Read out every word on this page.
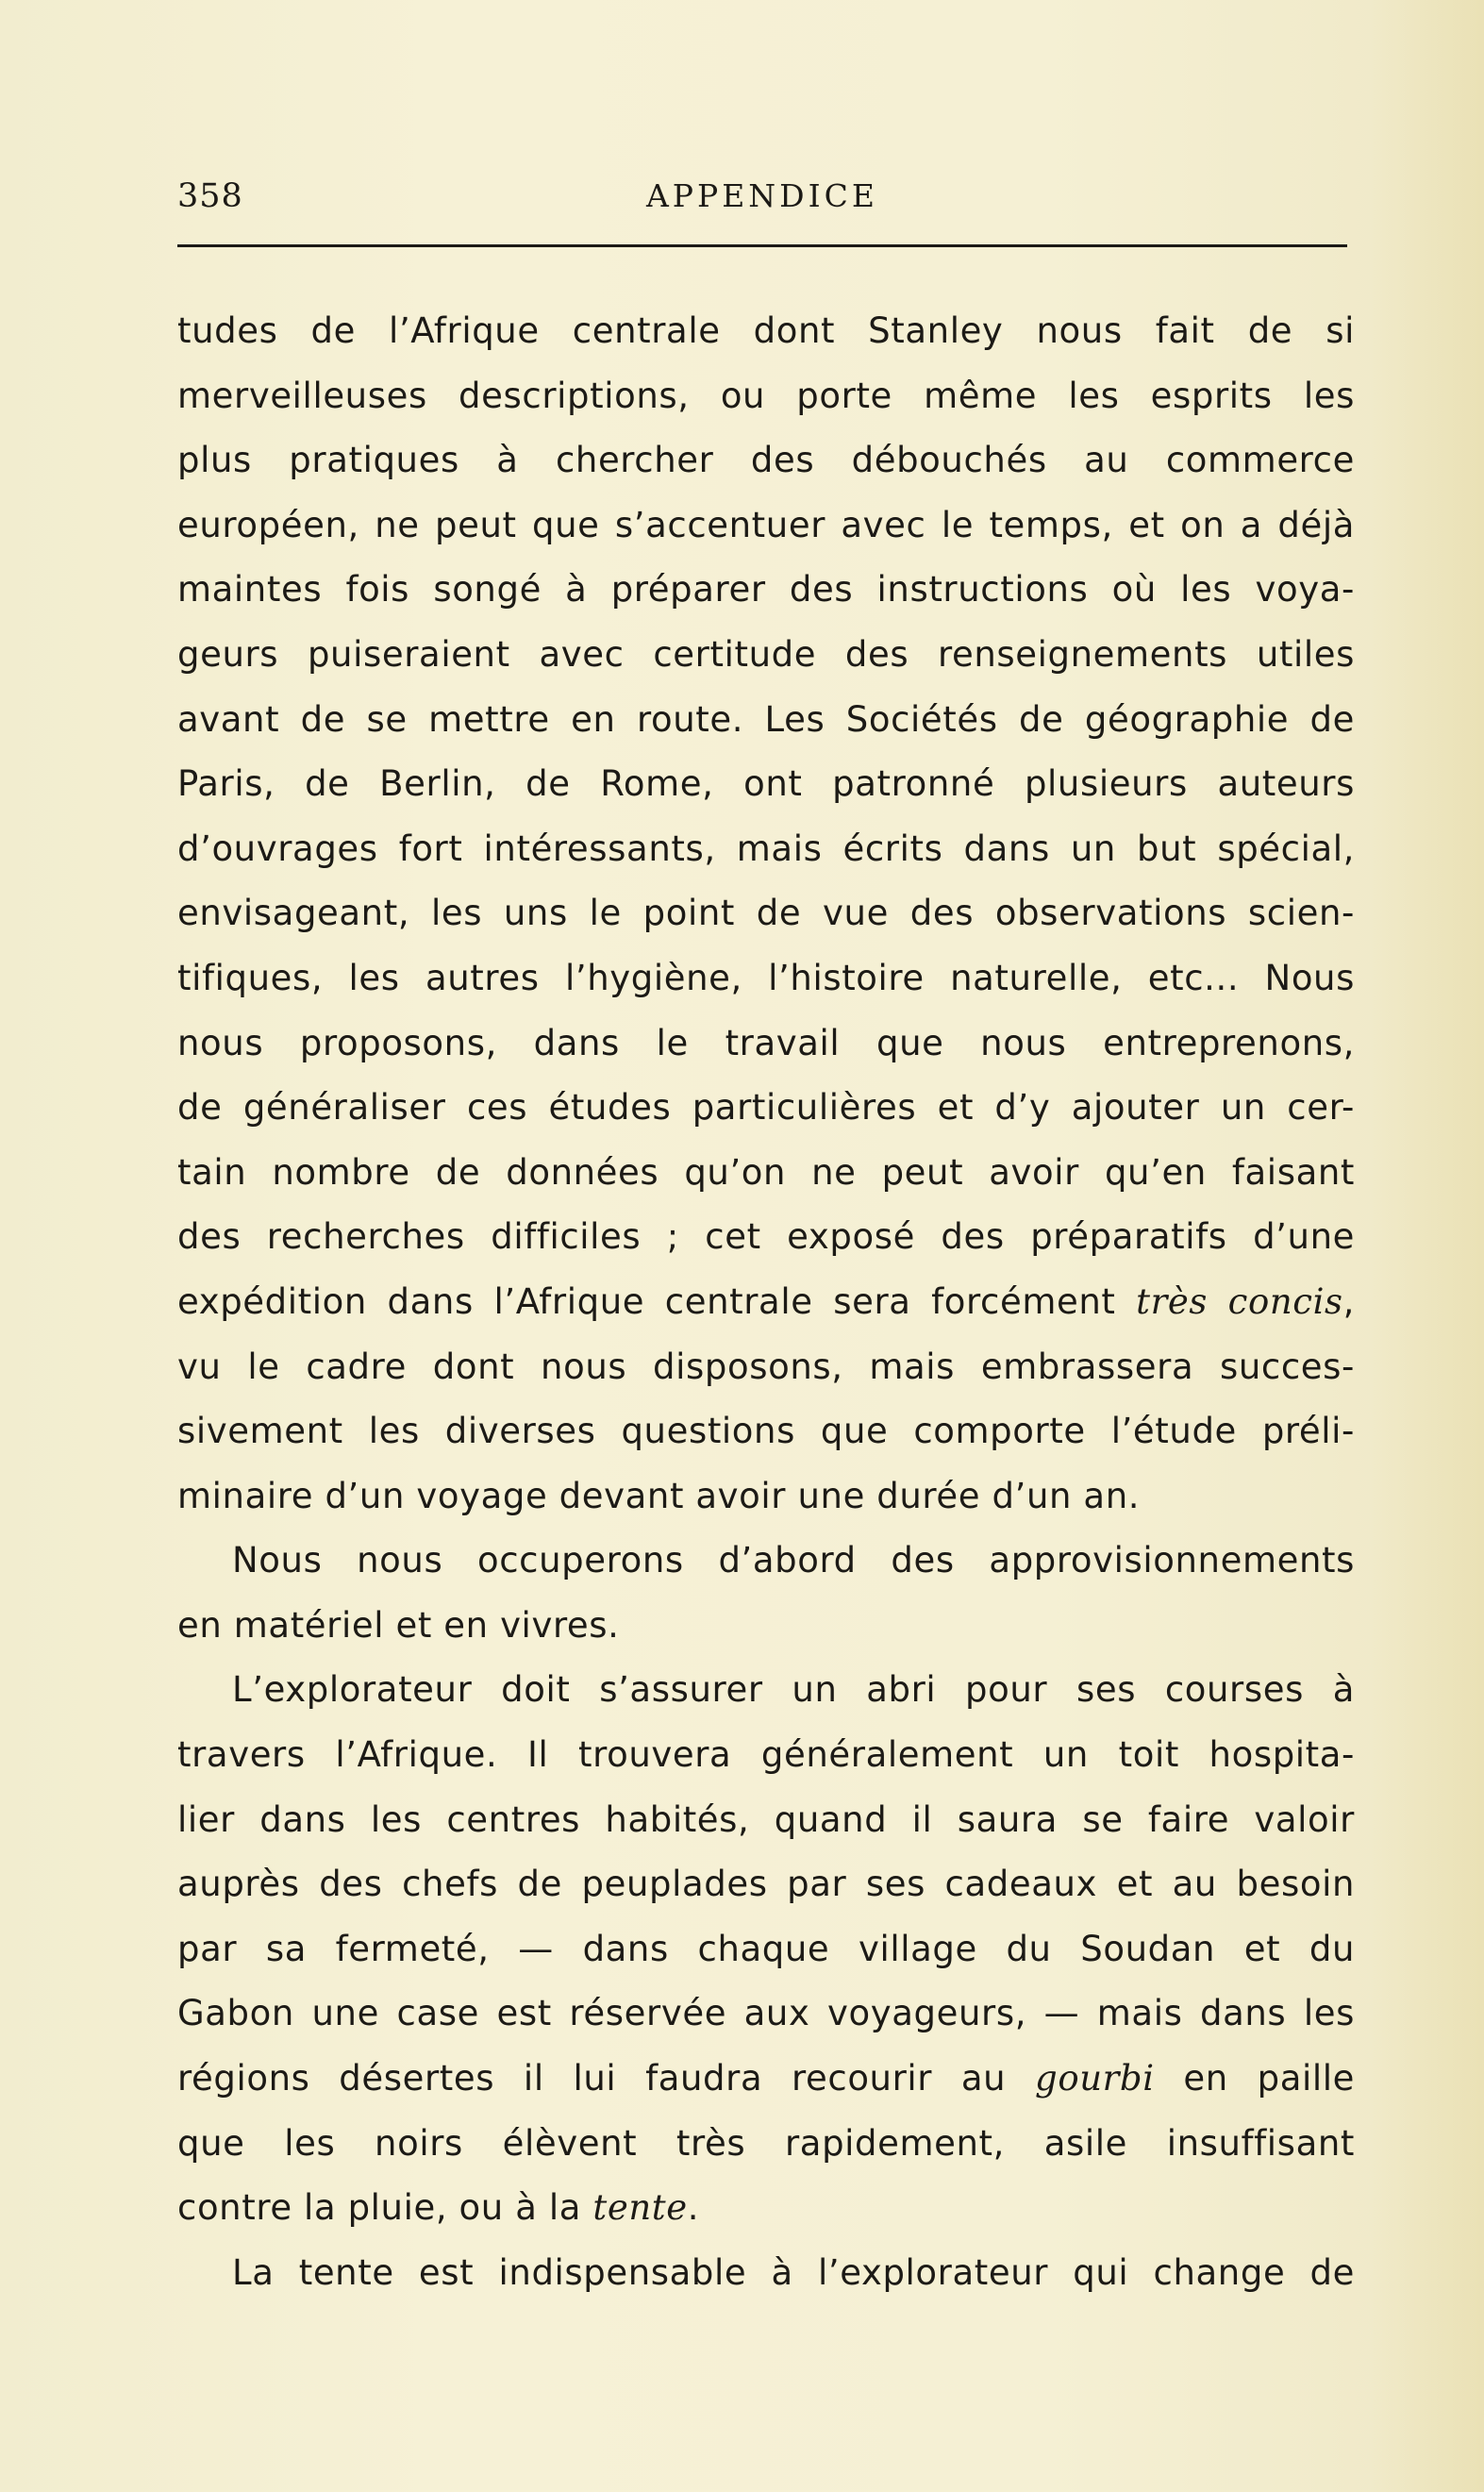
358	APPENDICE
tudes de l’Afrique centrale dont Stanley nous fait de si
merveilleuses descriptions, ou porte même les esprits les
plus pratiques à chercher des débouchés au commerce
européen, ne peut que s’accentuer avec le temps, et on a déjà
maintes fois songé à préparer des instructions où les voya-
geurs puiseraient avec certitude des renseignements utiles
avant de se mettre en route. Les Sociétés de géographie de
Paris, de Berlin, de Rome, ont patronné plusieurs auteurs
d’ouvrages fort intéressants, mais écrits dans un but spécial,
envisageant, les uns le point de vue des observations scien-
tifiques, les autres l’hygiène, l’histoire naturelle, etc... Nous
nous proposons, dans le travail que nous entreprenons,
de généraliser ces études particulières et d’y ajouter un cer-
tain nombre de données qu’on ne peut avoir qu’en faisant
des recherches difficiles ; cet exposé des préparatifs d’une
expédition dans l’Afrique centrale sera forcément très concis,
vu le cadre dont nous disposons, mais embrassera succes-
sivement les diverses questions que comporte l’étude préli-
minaire d’un voyage devant avoir une durée d’un an.
Nous nous occuperons d’abord des approvisionnements
en matériel et en vivres.
L’explorateur doit s’assurer un abri pour ses courses à
travers l’Afrique. Il trouvera généralement un toit hospita-
lier dans les centres habités, quand il saura se faire valoir
auprès des chefs de peuplades par ses cadeaux et au besoin
par sa fermeté, — dans chaque village du Soudan et du
Gabon une case est réservée aux voyageurs, — mais dans les
régions désertes il lui faudra recourir au gourbi en paille
que les noirs élèvent très rapidement, asile insuffisant
contre la pluie, ou à la tente.
La tente est indispensable à l’explorateur qui change de
